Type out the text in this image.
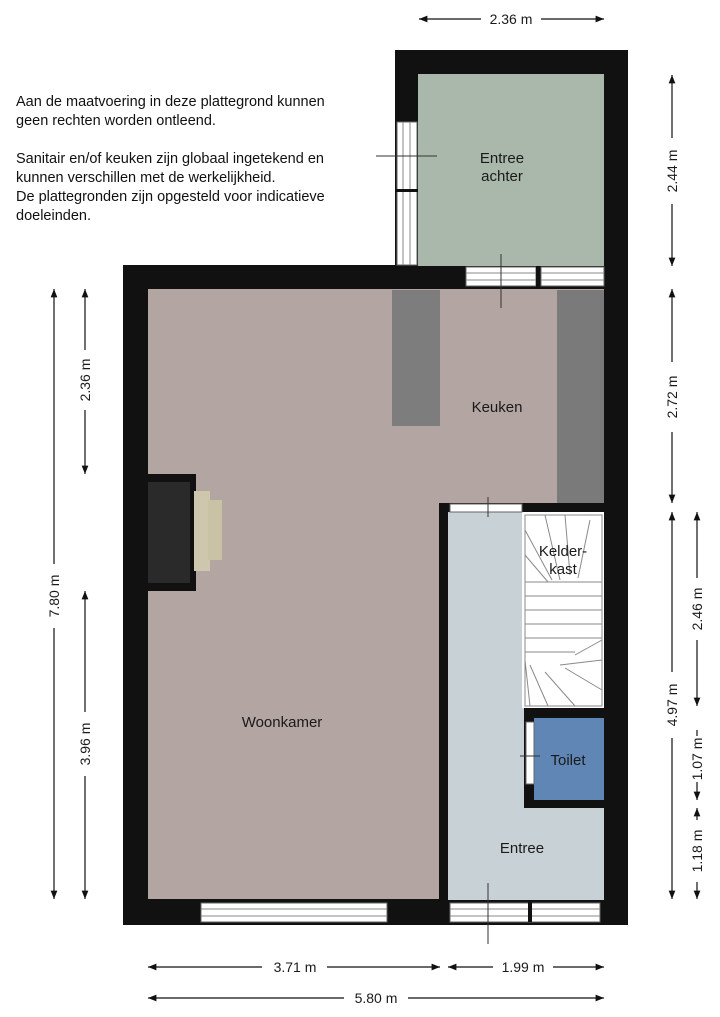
Aan de maatvoering in deze plattegrond kunnen
geen rechten worden ontleend.

Sanitair en/of keuken zijn globaal ingetekend en
kunnen verschillen met de werkelijkheid.
De plattegronden zijn opgesteld voor indicatieve
doeleinden.
Entree
achter
Keuken
Kelder-
kast
Toilet
Woonkamer
Entree
2.36 m
2.44 m
2.72 m
4.97 m
2.46 m
1.07 m
1.18 m
7.80 m
2.36 m
3.96 m
3.71 m	1.99 m
5.80 m
